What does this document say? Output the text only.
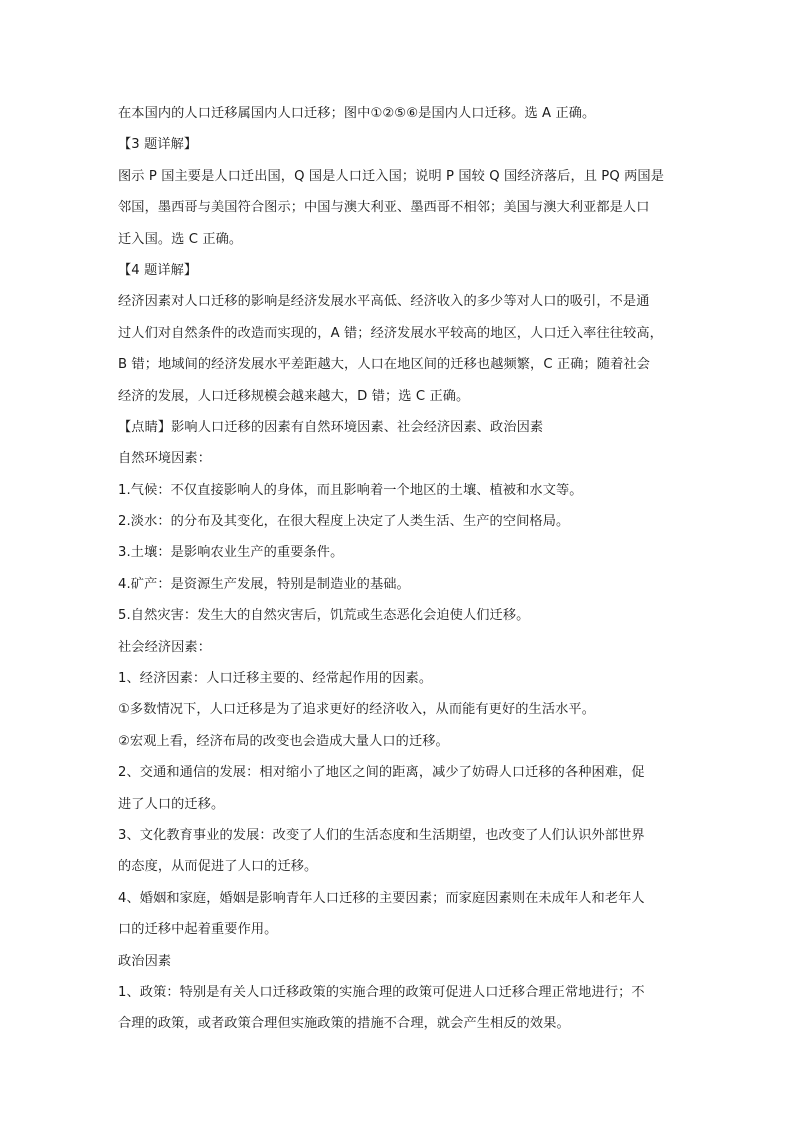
在本国内的人口迁移属国内人口迁移；图中①②⑤⑥是国内人口迁移。选 A 正确。
【3 题详解】
图示 P 国主要是人口迁出国，Q 国是人口迁入国；说明 P 国较 Q 国经济落后，且 PQ 两国是
邻国，墨西哥与美国符合图示；中国与澳大利亚、墨西哥不相邻；美国与澳大利亚都是人口
迁入国。选 C 正确。
【4 题详解】
经济因素对人口迁移的影响是经济发展水平高低、经济收入的多少等对人口的吸引，不是通
过人们对自然条件的改造而实现的，A 错；经济发展水平较高的地区，人口迁入率往往较高，
B 错；地域间的经济发展水平差距越大，人口在地区间的迁移也越频繁，C 正确；随着社会
经济的发展，人口迁移规模会越来越大，D 错；选 C 正确。
【点睛】影响人口迁移的因素有自然环境因素、社会经济因素、政治因素
自然环境因素：
1.气候：不仅直接影响人的身体，而且影响着一个地区的土壤、植被和水文等。
2.淡水：的分布及其变化，在很大程度上决定了人类生活、生产的空间格局。
3.土壤：是影响农业生产的重要条件。
4.矿产：是资源生产发展，特别是制造业的基础。
5.自然灾害：发生大的自然灾害后，饥荒或生态恶化会迫使人们迁移。
社会经济因素：
1、经济因素：人口迁移主要的、经常起作用的因素。
①多数情况下，人口迁移是为了追求更好的经济收入，从而能有更好的生活水平。
②宏观上看，经济布局的改变也会造成大量人口的迁移。
2、交通和通信的发展：相对缩小了地区之间的距离，减少了妨碍人口迁移的各种困难，促
进了人口的迁移。
3、文化教育事业的发展：改变了人们的生活态度和生活期望，也改变了人们认识外部世界
的态度，从而促进了人口的迁移。
4、婚姻和家庭，婚姻是影响青年人口迁移的主要因素；而家庭因素则在未成年人和老年人
口的迁移中起着重要作用。
政治因素
1、政策：特别是有关人口迁移政策的实施合理的政策可促进人口迁移合理正常地进行；不
合理的政策，或者政策合理但实施政策的措施不合理，就会产生相反的效果。
